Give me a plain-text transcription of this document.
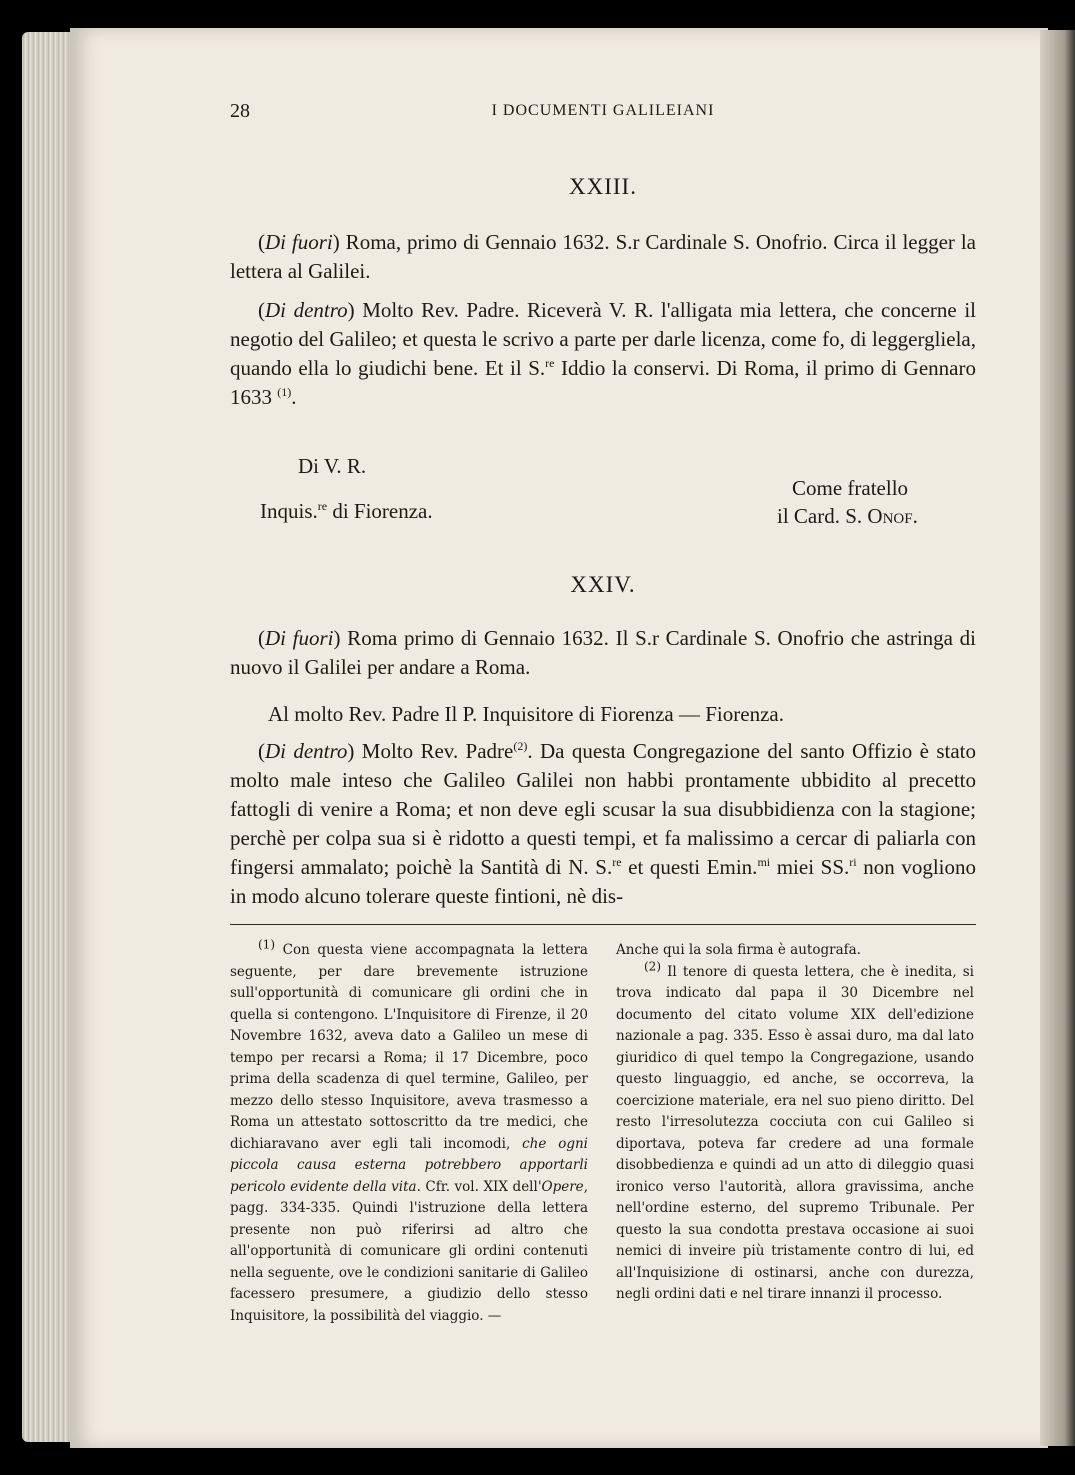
28	I DOCUMENTI GALILEIANI
XXIII.

(Di fuori) Roma, primo di Gennaio 1632. S.r Cardinale S. Onofrio. Circa il legger la lettera al Galilei.

(Di dentro) Molto Rev. Padre. Riceverà V. R. l'alligata mia lettera, che concerne il negotio del Galileo; et questa le scrivo a parte per darle licenza, come fo, di leggergliela, quando ella lo giudichi bene. Et il S.$^{re}$ Iddio la conservi. Di Roma, il primo di Gennaro 1633 $^{(1)}$.

Di V. R.
Come fratello
il Card. S. Onof.
Inquis.$^{re}$ di Fiorenza.
XXIV.

(Di fuori) Roma primo di Gennaio 1632. Il S.r Cardinale S. Onofrio che astringa di nuovo il Galilei per andare a Roma.

Al molto Rev. Padre Il P. Inquisitore di Fiorenza — Fiorenza.

(Di dentro) Molto Rev. Padre$^{(2)}$. Da questa Congregazione del santo Offizio è stato molto male inteso che Galileo Galilei non habbi prontamente ubbidito al precetto fattogli di venire a Roma; et non deve egli scusar la sua disubbidienza con la stagione; perchè per colpa sua si è ridotto a questi tempi, et fa malissimo a cercar di paliarla con fingersi ammalato; poichè la Santità di N. S.$^{re}$ et questi Emin.$^{mi}$ miei SS.$^{ri}$ non vogliono in modo alcuno tolerare queste fintioni, nè dis-

$^{(1)}$ Con questa viene accompagnata la lettera seguente, per dare brevemente istruzione sull'opportunità di comunicare gli ordini che in quella si contengono. L'Inquisitore di Firenze, il 20 Novembre 1632, aveva dato a Galileo un mese di tempo per recarsi a Roma; il 17 Dicembre, poco prima della scadenza di quel termine, Galileo, per mezzo dello stesso Inquisitore, aveva trasmesso a Roma un attestato sottoscritto da tre medici, che dichiaravano aver egli tali incomodi, che ogni piccola causa esterna potrebbero apportarli pericolo evidente della vita. Cfr. vol. XIX dell'Opere, pagg. 334-335. Quindi l'istruzione della lettera presente non può riferirsi ad altro che all'opportunità di comunicare gli ordini contenuti nella seguente, ove le condizioni sanitarie di Galileo facessero presumere, a giudizio dello stesso Inquisitore, la possibilità del viaggio. —

Anche qui la sola firma è autografa.

$^{(2)}$ Il tenore di questa lettera, che è inedita, si trova indicato dal papa il 30 Dicembre nel documento del citato volume XIX dell'edizione nazionale a pag. 335. Esso è assai duro, ma dal lato giuridico di quel tempo la Congregazione, usando questo linguaggio, ed anche, se occorreva, la coercizione materiale, era nel suo pieno diritto. Del resto l'irresolutezza cocciuta con cui Galileo si diportava, poteva far credere ad una formale disobbedienza e quindi ad un atto di dileggio quasi ironico verso l'autorità, allora gravissima, anche nell'ordine esterno, del supremo Tribunale. Per questo la sua condotta prestava occasione ai suoi nemici di inveire più tristamente contro di lui, ed all'Inquisizione di ostinarsi, anche con durezza, negli ordini dati e nel tirare innanzi il processo.
